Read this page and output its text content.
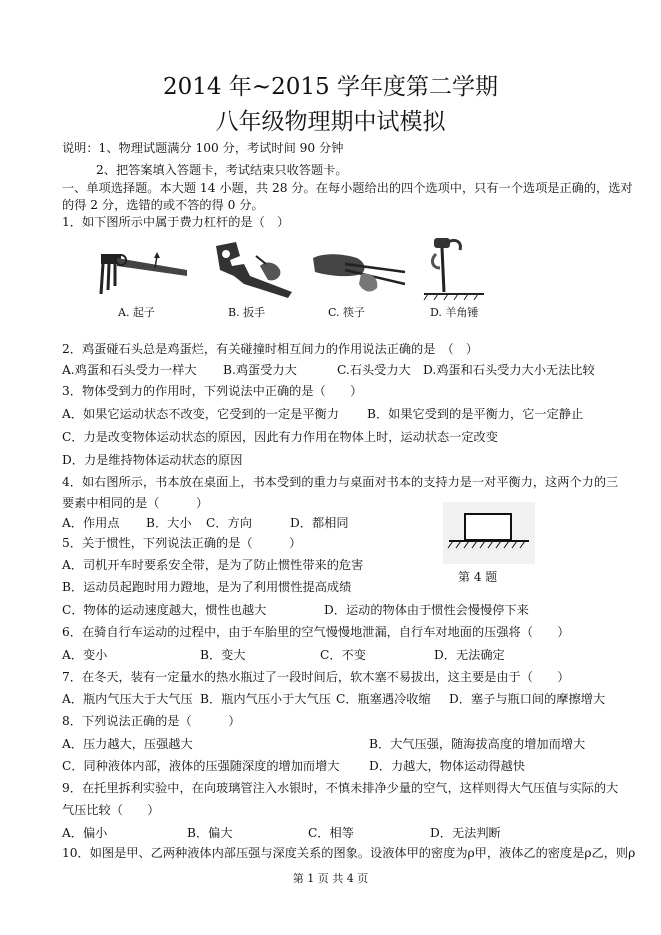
2014 年~2015 学年度第二学期
八年级物理期中试模拟
说明：1、物理试题满分 100 分，考试时间 90 分钟
2、把答案填入答题卡，考试结束只收答题卡。
一、单项选择题。本大题 14 小题，共 28 分。在每小题给出的四个选项中，只有一个选项是正确的，选对
的得 2 分，选错的或不答的得 0 分。
1．如下图所示中属于费力杠杆的是（　）
A. 起子	B. 扳手	C. 筷子	D. 羊角锤
2．鸡蛋碰石头总是鸡蛋烂，有关碰撞时相互间力的作用说法正确的是　（　）
A.鸡蛋和石头受力一样大 B.鸡蛋受力大	C.石头受力大 D.鸡蛋和石头受力大小无法比较
3．物体受到力的作用时，下列说法中正确的是（　　）
A．如果它运动状态不改变，它受到的一定是平衡力 B．如果它受到的是平衡力，它一定静止
C．力是改变物体运动状态的原因，因此有力作用在物体上时，运动状态一定改变
D．力是维持物体运动状态的原因
4．如右图所示，书本放在桌面上，书本受到的重力与桌面对书本的支持力是一对平衡力，这两个力的三
要素中相同的是（　　　）
A．作用点 B．大小 C．方向	D．都相同
第 4 题
5．关于惯性，下列说法正确的是（　　　）
A．司机开车时要系安全带，是为了防止惯性带来的危害
B．运动员起跑时用力蹬地，是为了利用惯性提高成绩
C．物体的运动速度越大，惯性也越大	D．运动的物体由于惯性会慢慢停下来
6．在骑自行车运动的过程中，由于车胎里的空气慢慢地泄漏，自行车对地面的压强将（　　）
A．变小	B．变大	C．不变	D．无法确定
7．在冬天，装有一定量水的热水瓶过了一段时间后，软木塞不易拔出，这主要是由于（　　）
A．瓶内气压大于大气压 B．瓶内气压小于大气压 C．瓶塞遇冷收缩 D．塞子与瓶口间的摩擦增大
8．下列说法正确的是（　　　）
A．压力越大，压强越大	B．大气压强，随海拔高度的增加而增大
C．同种液体内部，液体的压强随深度的增加而增大 D．力越大，物体运动得越快
9．在托里拆利实验中，在向玻璃管注入水银时，不慎未排净少量的空气，这样则得大气压值与实际的大
气压比较（　　）
A．偏小	B．偏大	C．相等	D．无法判断
10．如图是甲、乙两种液体内部压强与深度关系的图象。设液体甲的密度为ρ甲，液体乙的密度是ρ乙，则ρ
第 1 页 共 4 页
